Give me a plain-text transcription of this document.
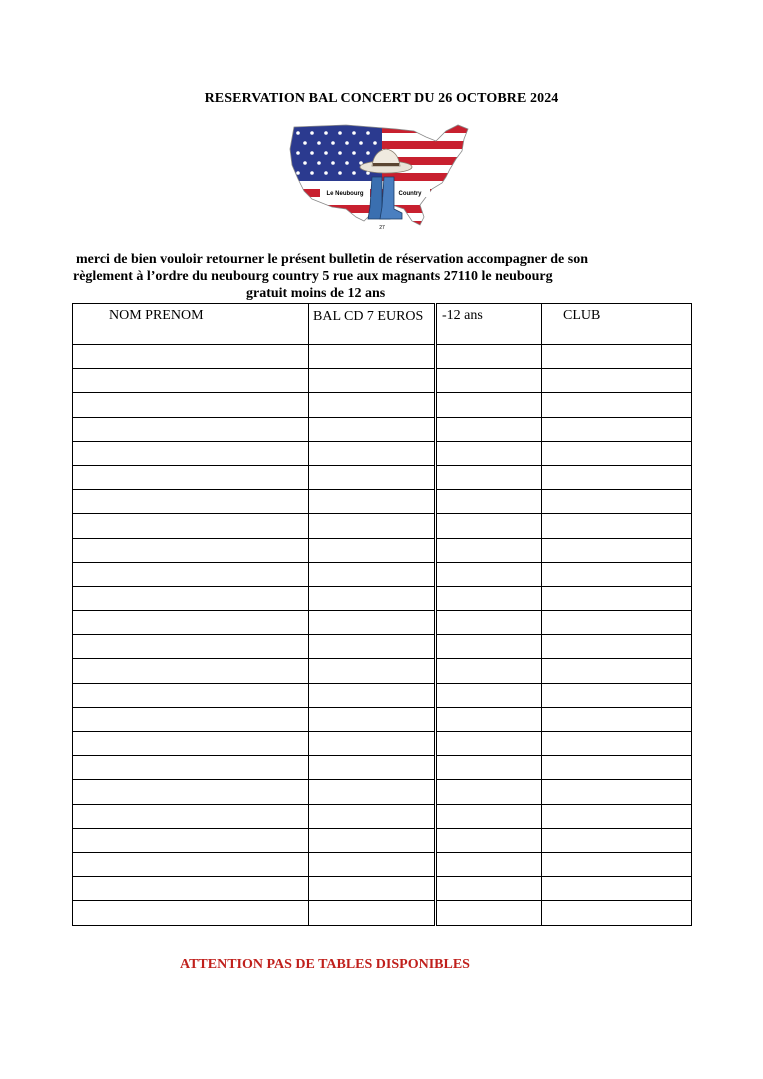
RESERVATION BAL CONCERT DU 26 OCTOBRE 2024
Le Neubourg	Country
27
merci de bien vouloir retourner le présent bulletin de réservation accompagner de son
règlement à l’ordre du neubourg country 5 rue aux magnants 27110 le neubourg
gratuit moins de 12 ans
NOM PRENOM	BAL CD 7 EUROS	-12 ans	CLUB

ATTENTION PAS DE TABLES DISPONIBLES
